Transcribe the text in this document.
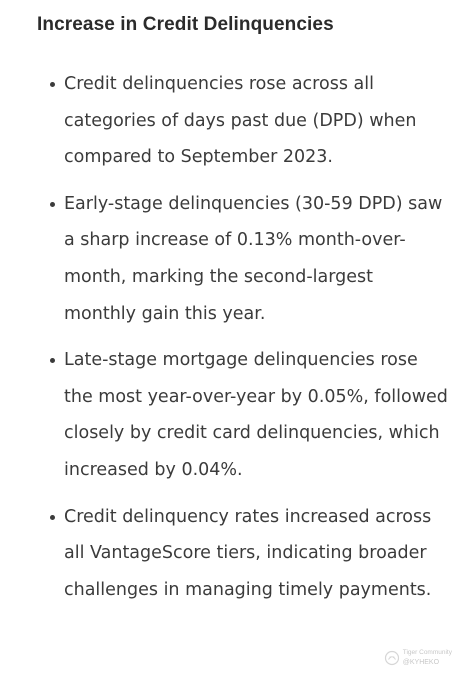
Increase in Credit Delinquencies
Credit delinquencies rose across all categories of days past due (DPD) when compared to September 2023.
Early-stage delinquencies (30-59 DPD) saw a sharp increase of 0.13% month-over-month, marking the second-largest monthly gain this year.
Late-stage mortgage delinquencies rose the most year-over-year by 0.05%, followed closely by credit card delinquencies, which increased by 0.04%.
Credit delinquency rates increased across all VantageScore tiers, indicating broader challenges in managing timely payments.
Tiger Community
@KYHEKO
